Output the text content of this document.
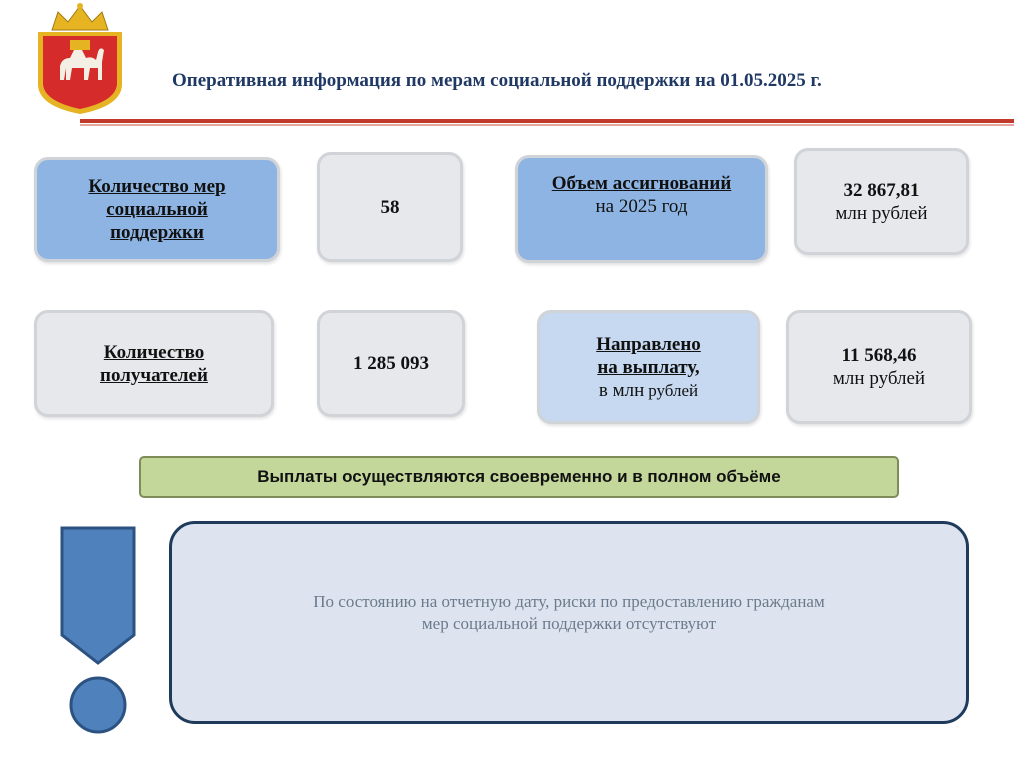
Оперативная информация по мерам социальной поддержки на 01.05.2025 г.
Количество мер
социальной
поддержки
58
Объем ассигнований
на 2025 год
32 867,81
млн рублей
Количество
получателей
1 285 093
Направлено
на выплату,
в млн рублей
11 568,46
млн рублей
Выплаты осуществляются своевременно и в полном объёме
По состоянию на отчетную дату, риски по предоставлению гражданам
мер социальной поддержки отсутствуют
